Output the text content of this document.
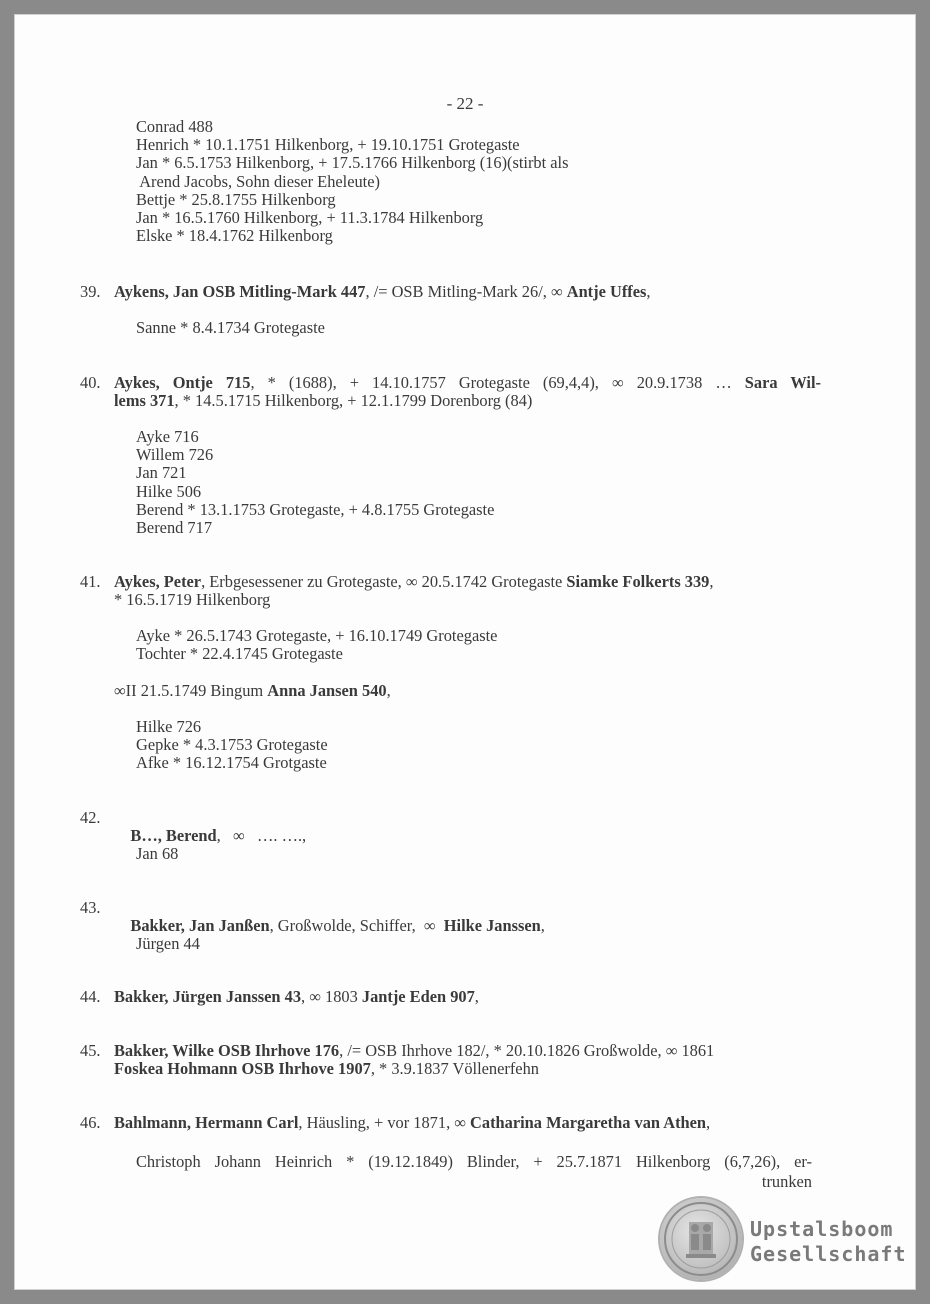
- 22 -
Conrad 488
Henrich * 10.1.1751 Hilkenborg, + 19.10.1751 Grotegaste
Jan * 6.5.1753 Hilkenborg, + 17.5.1766 Hilkenborg (16)(stirbt als
Arend Jacobs, Sohn dieser Eheleute)
Bettje * 25.8.1755 Hilkenborg
Jan * 16.5.1760 Hilkenborg, + 11.3.1784 Hilkenborg
Elske * 18.4.1762 Hilkenborg
39. Aykens, Jan OSB Mitling-Mark 447, /= OSB Mitling-Mark 26/, ∞ Antje Uffes,
Sanne * 8.4.1734 Grotegaste
40. Aykes, Ontje 715, * (1688), + 14.10.1757 Grotegaste (69,4,4), ∞ 20.9.1738 … Sara Wil-
lems 371, * 14.5.1715 Hilkenborg, + 12.1.1799 Dorenborg (84)
Ayke 716
Willem 726
Jan 721
Hilke 506
Berend * 13.1.1753 Grotegaste, + 4.8.1755 Grotegaste
Berend 717
41. Aykes, Peter, Erbgesessener zu Grotegaste, ∞ 20.5.1742 Grotegaste Siamke Folkerts 339,
* 16.5.1719 Hilkenborg
Ayke * 26.5.1743 Grotegaste, + 16.10.1749 Grotegaste
Tochter * 22.4.1745 Grotegaste
∞II 21.5.1749 Bingum Anna Jansen 540,
Hilke 726
Gepke * 4.3.1753 Grotegaste
Afke * 16.12.1754 Grotgaste
42.

B…, Berend,   ∞   …. ….,

Jan 68
43.

Bakker, Jan Janßen, Großwolde, Schiffer,  ∞  Hilke Janssen,

Jürgen 44
44. Bakker, Jürgen Janssen 43, ∞ 1803 Jantje Eden 907,
45. Bakker, Wilke OSB Ihrhove 176, /= OSB Ihrhove 182/, * 20.10.1826 Großwolde, ∞ 1861
Foskea Hohmann OSB Ihrhove 1907, * 3.9.1837 Völlenerfehn
46. Bahlmann, Hermann Carl, Häusling, + vor 1871, ∞ Catharina Margaretha van Athen,
Christoph Johann Heinrich * (19.12.1849) Blinder, + 25.7.1871 Hilkenborg (6,7,26), er-
trunken
Upstalsboom
Gesellschaft
